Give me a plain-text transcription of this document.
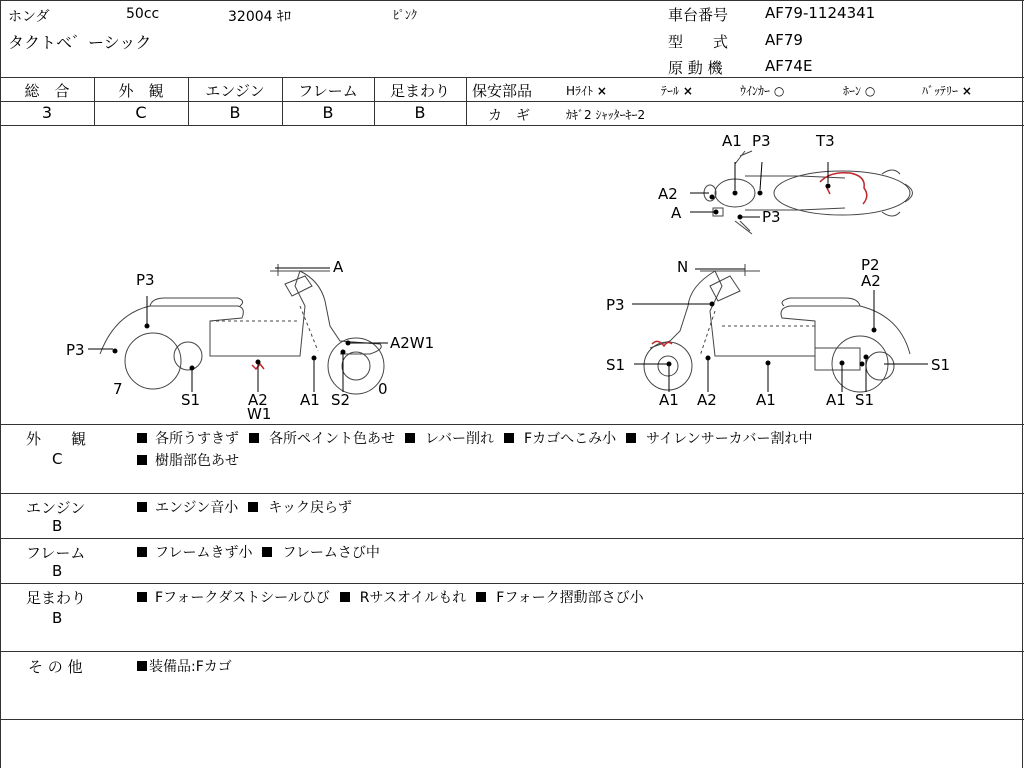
ホンダ	50cc	32004 ｷﾛ	ﾋﾟﾝｸ
タクトベ゛ーシック
車台番号 AF79-1124341
型　　式 AF79
原 動 機	AF74E
総　合
3
外　観
C
エンジン
B
フレーム
B
足まわり
B
保安部品	Hﾗｲﾄ ×	ﾃｰﾙ ×	ｳｲﾝｶｰ ○	ﾎｰﾝ ○	ﾊﾞｯﾃﾘｰ ×
カ　ギ	ｶｷﾞ2 ｼｬｯﾀｰｷｰ2
A1 P3	T3
A2
A	P3
A
P3
P3	A2W1
7	0
S1	A2
W1
A1 S2
N	P2
A2
P3
S1	S1
A1 A2	A1	A1 S1
外　　観
C
各所うすきず 各所ペイント色あせ レバー削れ Fカゴへこみ小 サイレンサーカバー割れ中
樹脂部色あせ
エンジン
B
エンジン音小 キック戻らず
フレーム
B
フレームきず小 フレームさび中
足まわり
B
Fフォークダストシールひび Rサスオイルもれ Fフォーク摺動部さび小
そ の 他	装備品:Fカゴ
